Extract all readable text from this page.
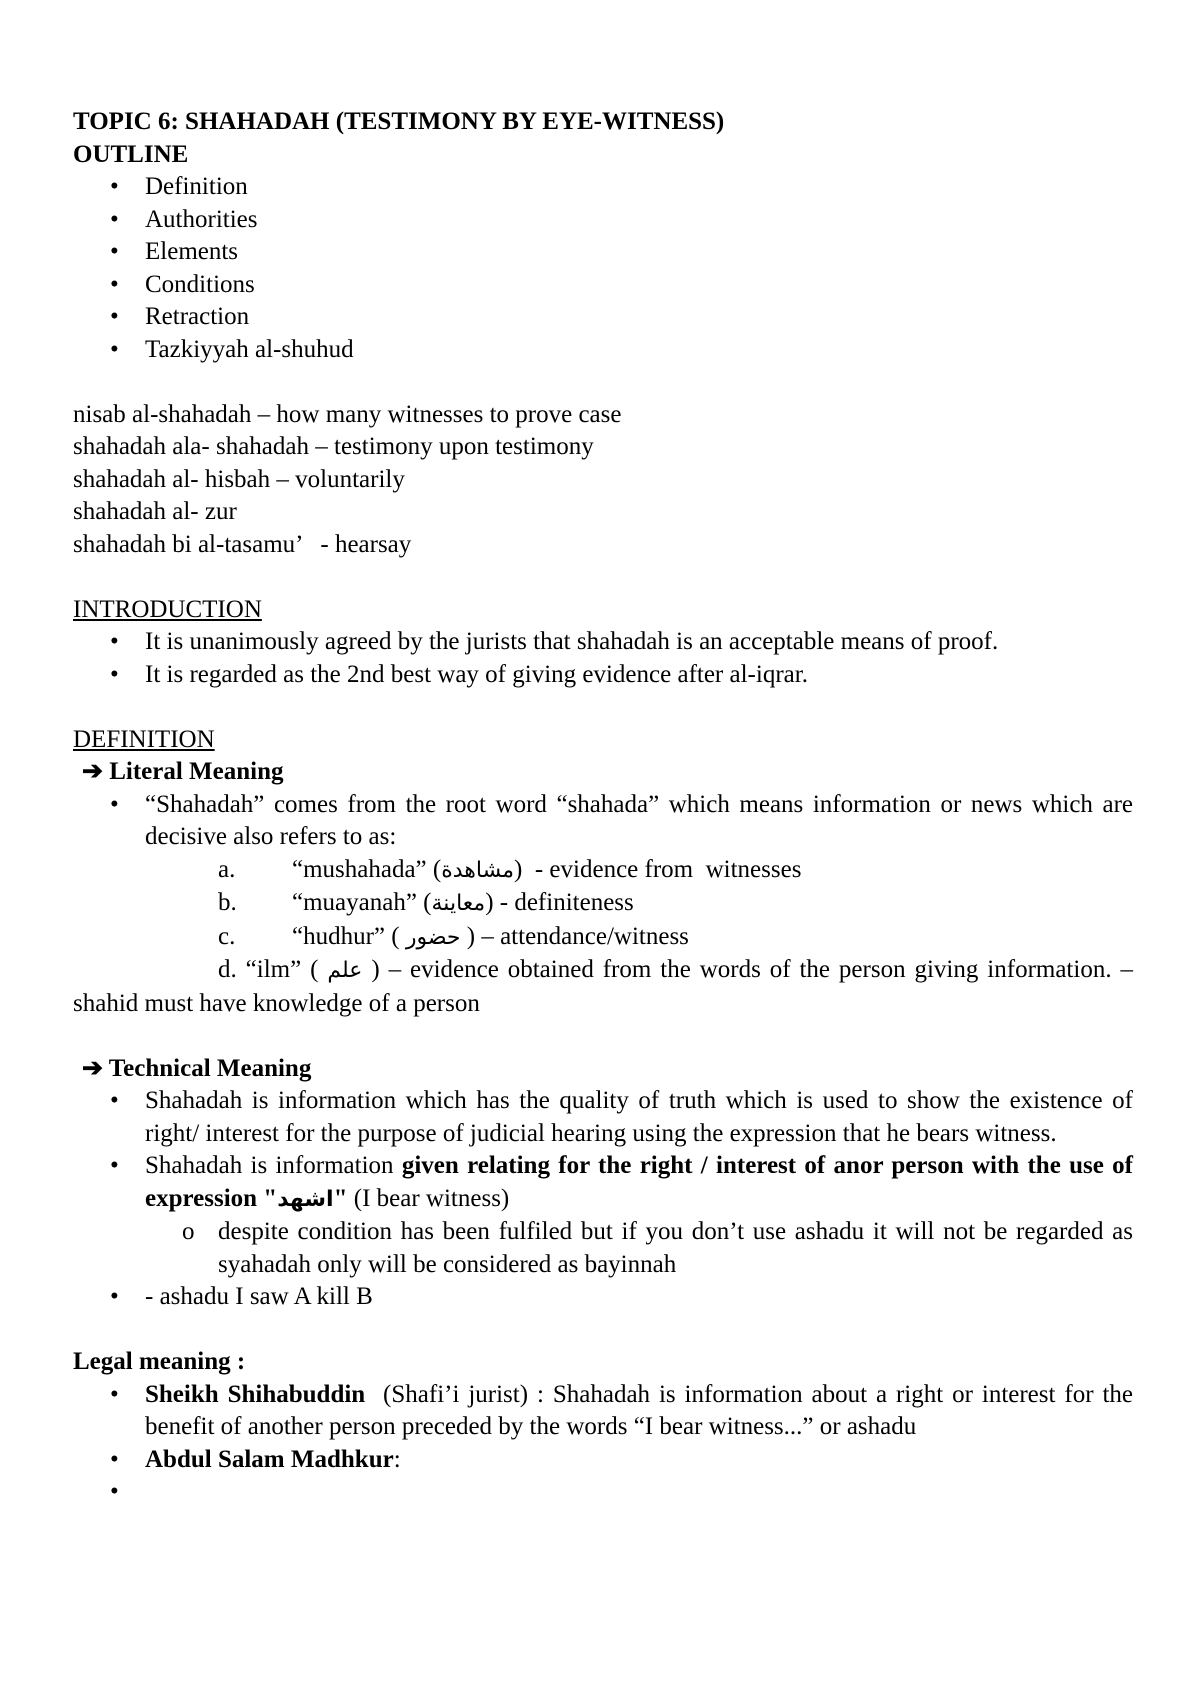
TOPIC 6: SHAHADAH (TESTIMONY BY EYE-WITNESS)

OUTLINE

• Definition
• Authorities
• Elements
• Conditions
• Retraction
• Tazkiyyah al-shuhud

nisab al-shahadah – how many witnesses to prove case

shahadah ala- shahadah – testimony upon testimony

shahadah al- hisbah – voluntarily

shahadah al- zur

shahadah bi al-tasamu’   - hearsay

INTRODUCTION

• It is unanimously agreed by the jurists that shahadah is an acceptable means of proof.
• It is regarded as the 2nd best way of giving evidence after al-iqrar.

DEFINITION

➔ Literal Meaning

• “Shahadah” comes from the root word “shahada” which means information or news which are decisive also refers to as:
a. “mushahada” (مشاهدة)  - evidence from  witnesses
b. “muayanah” (معاينة) - definiteness
c. “hudhur” ( حضور ) – attendance/witness
d. “ilm” ( علم ) – evidence obtained from the words of the person giving information. – shahid must have knowledge of a person

➔ Technical Meaning

• Shahadah is information which has the quality of truth which is used to show the existence of right/ interest for the purpose of judicial hearing using the expression that he bears witness.
• Shahadah is information given relating for the right / interest of anor person with the use of expression "اشهد" (I bear witness)
o despite condition has been fulfiled but if you don’t use ashadu it will not be regarded as syahadah only will be considered as bayinnah
• - ashadu I saw A kill B

Legal meaning :

• Sheikh Shihabuddin  (Shafi’i jurist) : Shahadah is information about a right or interest for the benefit of another person preceded by the words “I bear witness...” or ashadu
• Abdul Salam Madhkur:
•
